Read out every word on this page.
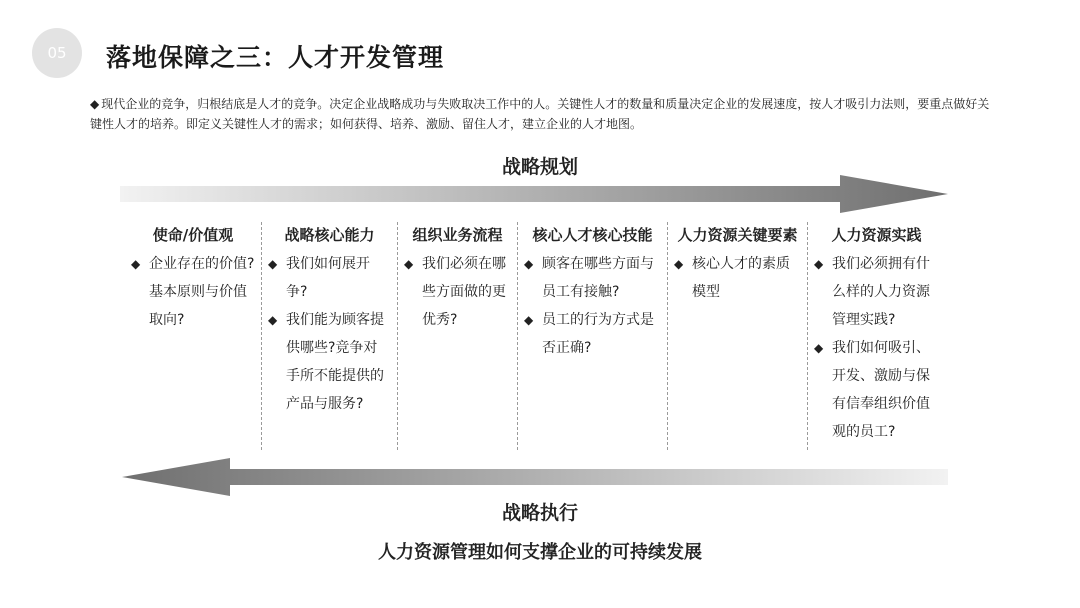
05	落地保障之三：人才开发管理
◆ 现代企业的竞争，归根结底是人才的竞争。决定企业战略成功与失败取决工作中的人。关键性人才的数量和质量决定企业的发展速度，按人才吸引力法则，要重点做好关键性人才的培养。即定义关键性人才的需求；如何获得、培养、激励、留住人才，建立企业的人才地图。
战略规划
使命/价值观
◆ 企业存在的价值?基本原则与价值取向?
战略核心能力
◆ 我们如何展开争?
◆ 我们能为顾客提供哪些?竞争对手所不能提供的产品与服务?
组织业务流程
◆ 我们必须在哪些方面做的更优秀?
核心人才核心技能
◆ 顾客在哪些方面与员工有接触?
◆ 员工的行为方式是否正确?
人力资源关键要素
◆ 核心人才的素质模型
人力资源实践
◆ 我们必须拥有什么样的人力资源管理实践?
◆ 我们如何吸引、开发、激励与保有信奉组织价值观的员工?
战略执行
人力资源管理如何支撑企业的可持续发展
